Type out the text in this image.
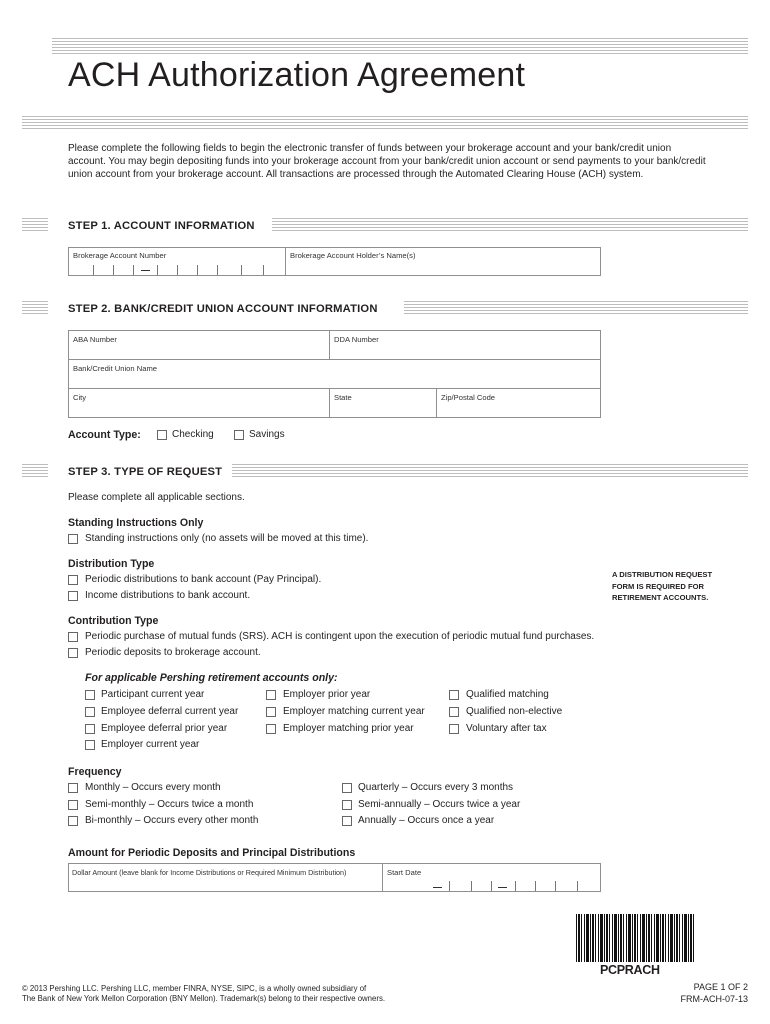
ACH Authorization Agreement
Please complete the following fields to begin the electronic transfer of funds between your brokerage account and your bank/credit union account. You may begin depositing funds into your brokerage account from your bank/credit union account or send payments to your bank/credit union account from your brokerage account. All transactions are processed through the Automated Clearing House (ACH) system.
STEP 1. ACCOUNT INFORMATION
Brokerage Account Number	Brokerage Account Holder’s Name(s)
STEP 2. BANK/CREDIT UNION ACCOUNT INFORMATION
ABA Number	DDA Number
Bank/Credit Union Name
City	State	Zip/Postal Code
Account Type:	Checking	Savings
STEP 3. TYPE OF REQUEST
Please complete all applicable sections.
Standing Instructions Only
Standing instructions only (no assets will be moved at this time).
Distribution Type
Periodic distributions to bank account (Pay Principal).
Income distributions to bank account.
A DISTRIBUTION REQUEST FORM IS REQUIRED FOR RETIREMENT ACCOUNTS.
Contribution Type
Periodic purchase of mutual funds (SRS). ACH is contingent upon the execution of periodic mutual fund purchases.
Periodic deposits to brokerage account.
For applicable Pershing retirement accounts only:
Participant current year
Employee deferral current year
Employee deferral prior year
Employer current year
Employer prior year
Employer matching current year
Employer matching prior year
Qualified matching
Qualified non-elective
Voluntary after tax
Frequency
Monthly – Occurs every month
Semi-monthly – Occurs twice a month
Bi-monthly – Occurs every other month
Quarterly – Occurs every 3 months
Semi-annually – Occurs twice a year
Annually – Occurs once a year
Amount for Periodic Deposits and Principal Distributions
Dollar Amount (leave blank for Income Distributions or Required Minimum Distribution)	Start Date
PCPRACH
© 2013 Pershing LLC. Pershing LLC, member FINRA, NYSE, SIPC, is a wholly owned subsidiary of
The Bank of New York Mellon Corporation (BNY Mellon). Trademark(s) belong to their respective owners.
PAGE 1 OF 2
FRM-ACH-07-13
